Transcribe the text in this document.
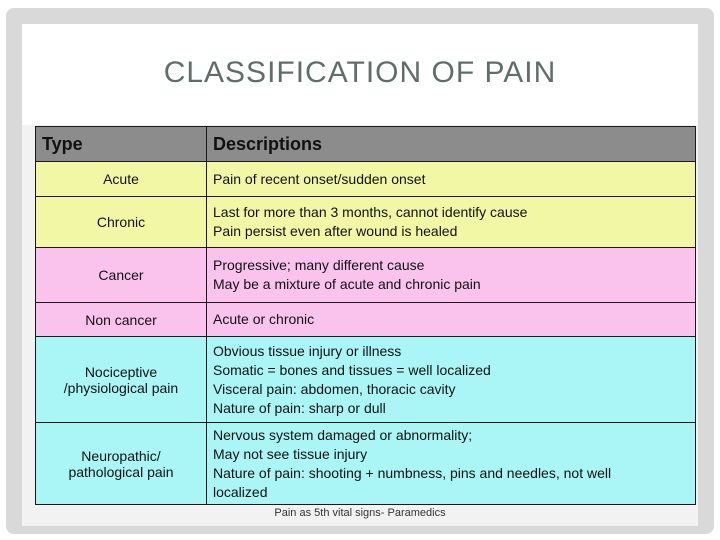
CLASSIFICATION OF PAIN
Type	Descriptions
Acute	Pain of recent onset/sudden onset

Chronic	Last for more than 3 months, cannot identify cause
Pain persist even after wound is healed

Cancer	Progressive; many different cause
May be a mixture of acute and chronic pain

Non cancer	Acute or chronic

Nociceptive
/physiological pain	Obvious tissue injury or illness
Somatic = bones and tissues = well localized
Visceral pain: abdomen, thoracic cavity
Nature of pain: sharp or dull

Neuropathic/
pathological pain	Nervous system damaged or abnormality;
May not see tissue injury
Nature of pain: shooting + numbness, pins and needles, not well
localized
Pain as 5th vital signs- Paramedics
